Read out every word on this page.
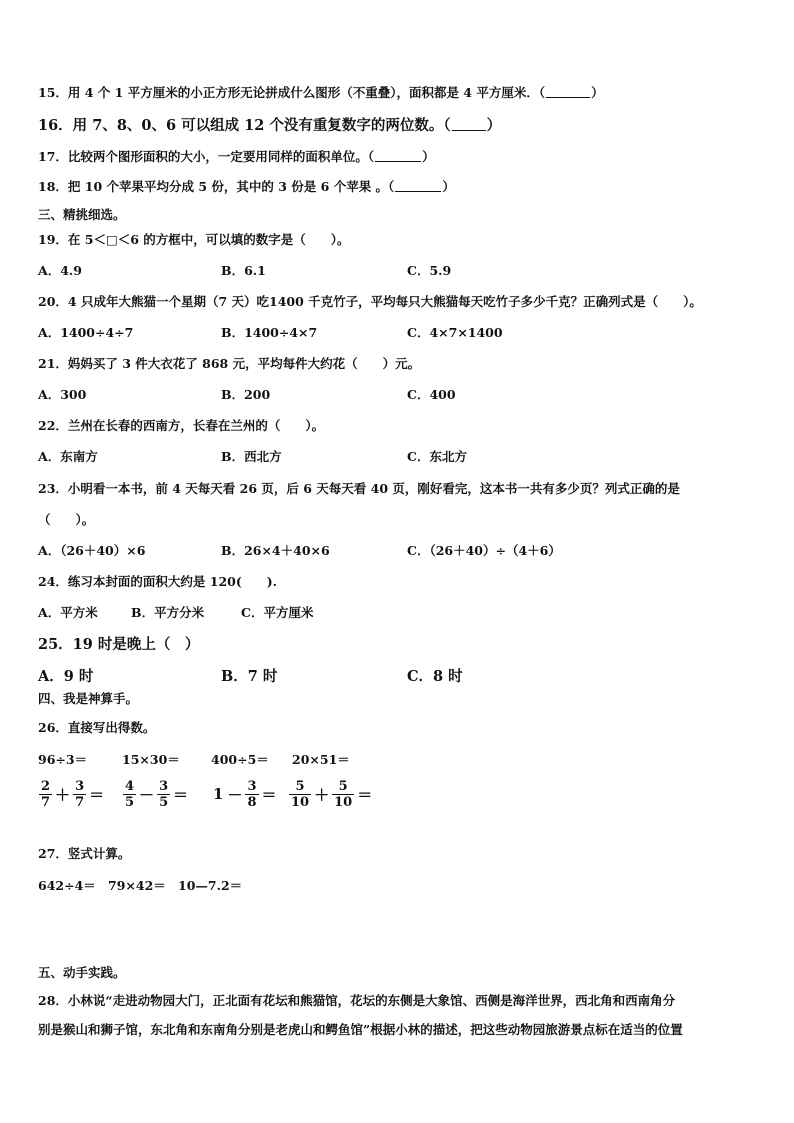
15．用 4 个 1 平方厘米的小正方形无论拼成什么图形（不重叠），面积都是 4 平方厘米．（	）
16．用 7、8、0、6 可以组成 12 个没有重复数字的两位数。（ ）
17．比较两个图形面积的大小，一定要用同样的面积单位。（	）
18．把 10 个苹果平均分成 5 份，其中的 3 份是 6 个苹果 。（	）
三、精挑细选。
19．在 5＜□＜6 的方框中，可以填的数字是（　　）。
A．4.9	B．6.1	C．5.9
20．4 只成年大熊猫一个星期（7 天）吃1400 千克竹子，平均每只大熊猫每天吃竹子多少千克？正确列式是（　　）。
A．1400÷4÷7	B．1400÷4×7	C．4×7×1400
21．妈妈买了 3 件大衣花了 868 元，平均每件大约花（　　）元。
A．300	B．200	C．400
22．兰州在长春的西南方，长春在兰州的（　　）。
A．东南方	B．西北方	C．东北方
23．小明看一本书，前 4 天每天看 26 页，后 6 天每天看 40 页，刚好看完，这本书一共有多少页？列式正确的是
（　　）。
A．（26＋40）×6	B．26×4＋40×6	C．（26＋40）÷（4＋6）
24．练习本封面的面积大约是 120(　　).
A．平方米	B．平方分米	C．平方厘米
25．19 时是晚上（　）
A．9 时	B．7 时	C．8 时
四、我是神算手。
26．直接写出得数。
96÷3＝	15×30＝ 400÷5＝ 20×51＝
$\frac{2}{7} + \frac{3}{7} = \frac{4}{5} - \frac{3}{5} = 1 - \frac{3}{8} = \frac{5}{10} + \frac{5}{10}$ ＝
27．竖式计算。
642÷4＝ 79×42＝ 10—7.2＝
五、动手实践。
28．小林说“走进动物园大门，正北面有花坛和熊猫馆，花坛的东侧是大象馆、西侧是海洋世界，西北角和西南角分
别是猴山和狮子馆，东北角和东南角分别是老虎山和鳄鱼馆”根据小林的描述，把这些动物园旅游景点标在适当的位置
